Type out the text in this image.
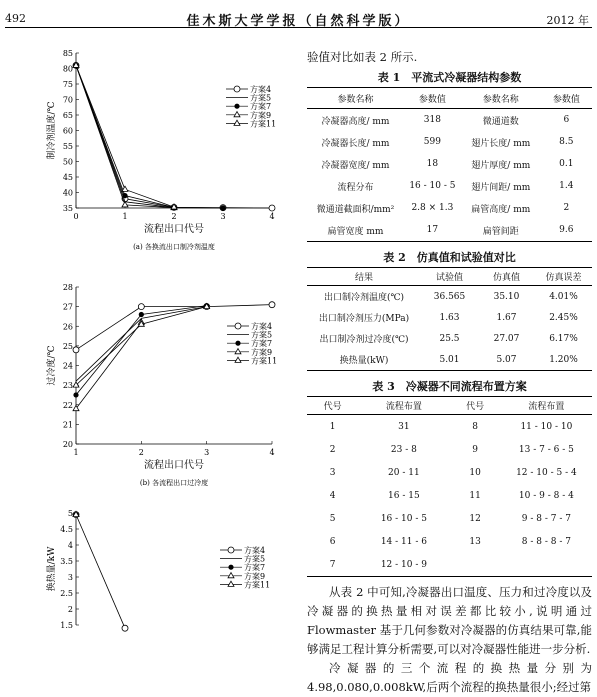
492	佳木斯大学学报（自然科学版）	2012 年
35
40
45
50
55
60
65
70
75
80
85
0	1	2	3	4
制冷剂温度/℃
流程出口代号
(a) 各换流出口制冷剂温度
方案4
方案5
方案7
方案9
方案11
20
21
22
23
24
25
26
27
28
1	2	3	4
过冷度/℃
流程出口代号
(b) 各流程出口过冷度
方案4
方案5
方案7
方案9
方案11
1.5
2
2.5
3
3.5
4
4.5
5
换热量/kW	方案4
方案5
方案7
方案9
方案11

验值对比如表 2 所示.

表 1　平流式冷凝器结构参数
参数名称	参数值	参数名称	参数值
冷凝器高度/ mm	318	微通道数	6
冷凝器长度/ mm	599	翅片长度/ mm	8.5
冷凝器宽度/ mm	18	翅片厚度/ mm	0.1
流程分布	16 - 10 - 5	翅片间距/ mm	1.4
微通道截面积/mm²	2.8 × 1.3	扁管高度/ mm	2
扁管宽度 mm	17	扁管间距	9.6
表 2　仿真值和试验值对比
结果	试验值	仿真值	仿真误差
出口制冷剂温度(℃)	36.565	35.10	4.01%
出口制冷剂压力(MPa)	1.63	1.67	2.45%
出口制冷剂过冷度(℃)	25.5	27.07	6.17%
换热量(kW)	5.01	5.07	1.20%
表 3　冷凝器不同流程布置方案
代号	流程布置	代号	流程布置
1	31	8	11 - 10 - 10
2	23 - 8	9	13 - 7 - 6 - 5
3	20 - 11	10	12 - 10 - 5 - 4
4	16 - 15	11	10 - 9 - 8 - 4
5	16 - 10 - 5	12	9 - 8 - 7 - 7
6	14 - 11 - 6	13	8 - 8 - 8 - 7
7	12 - 10 - 9		

从表 2 中可知,冷凝器出口温度、压力和过冷度以及冷凝器的换热量相对误差都比较小,说明通过 Flowmaster 基于几何参数对冷凝器的仿真结果可靠,能够满足工程计算分析需要,可以对冷凝器性能进一步分析.

冷凝器的三个流程的换热量分别为 4.98,0.080,0.008kW,后两个流程的换热量很小;经过第
